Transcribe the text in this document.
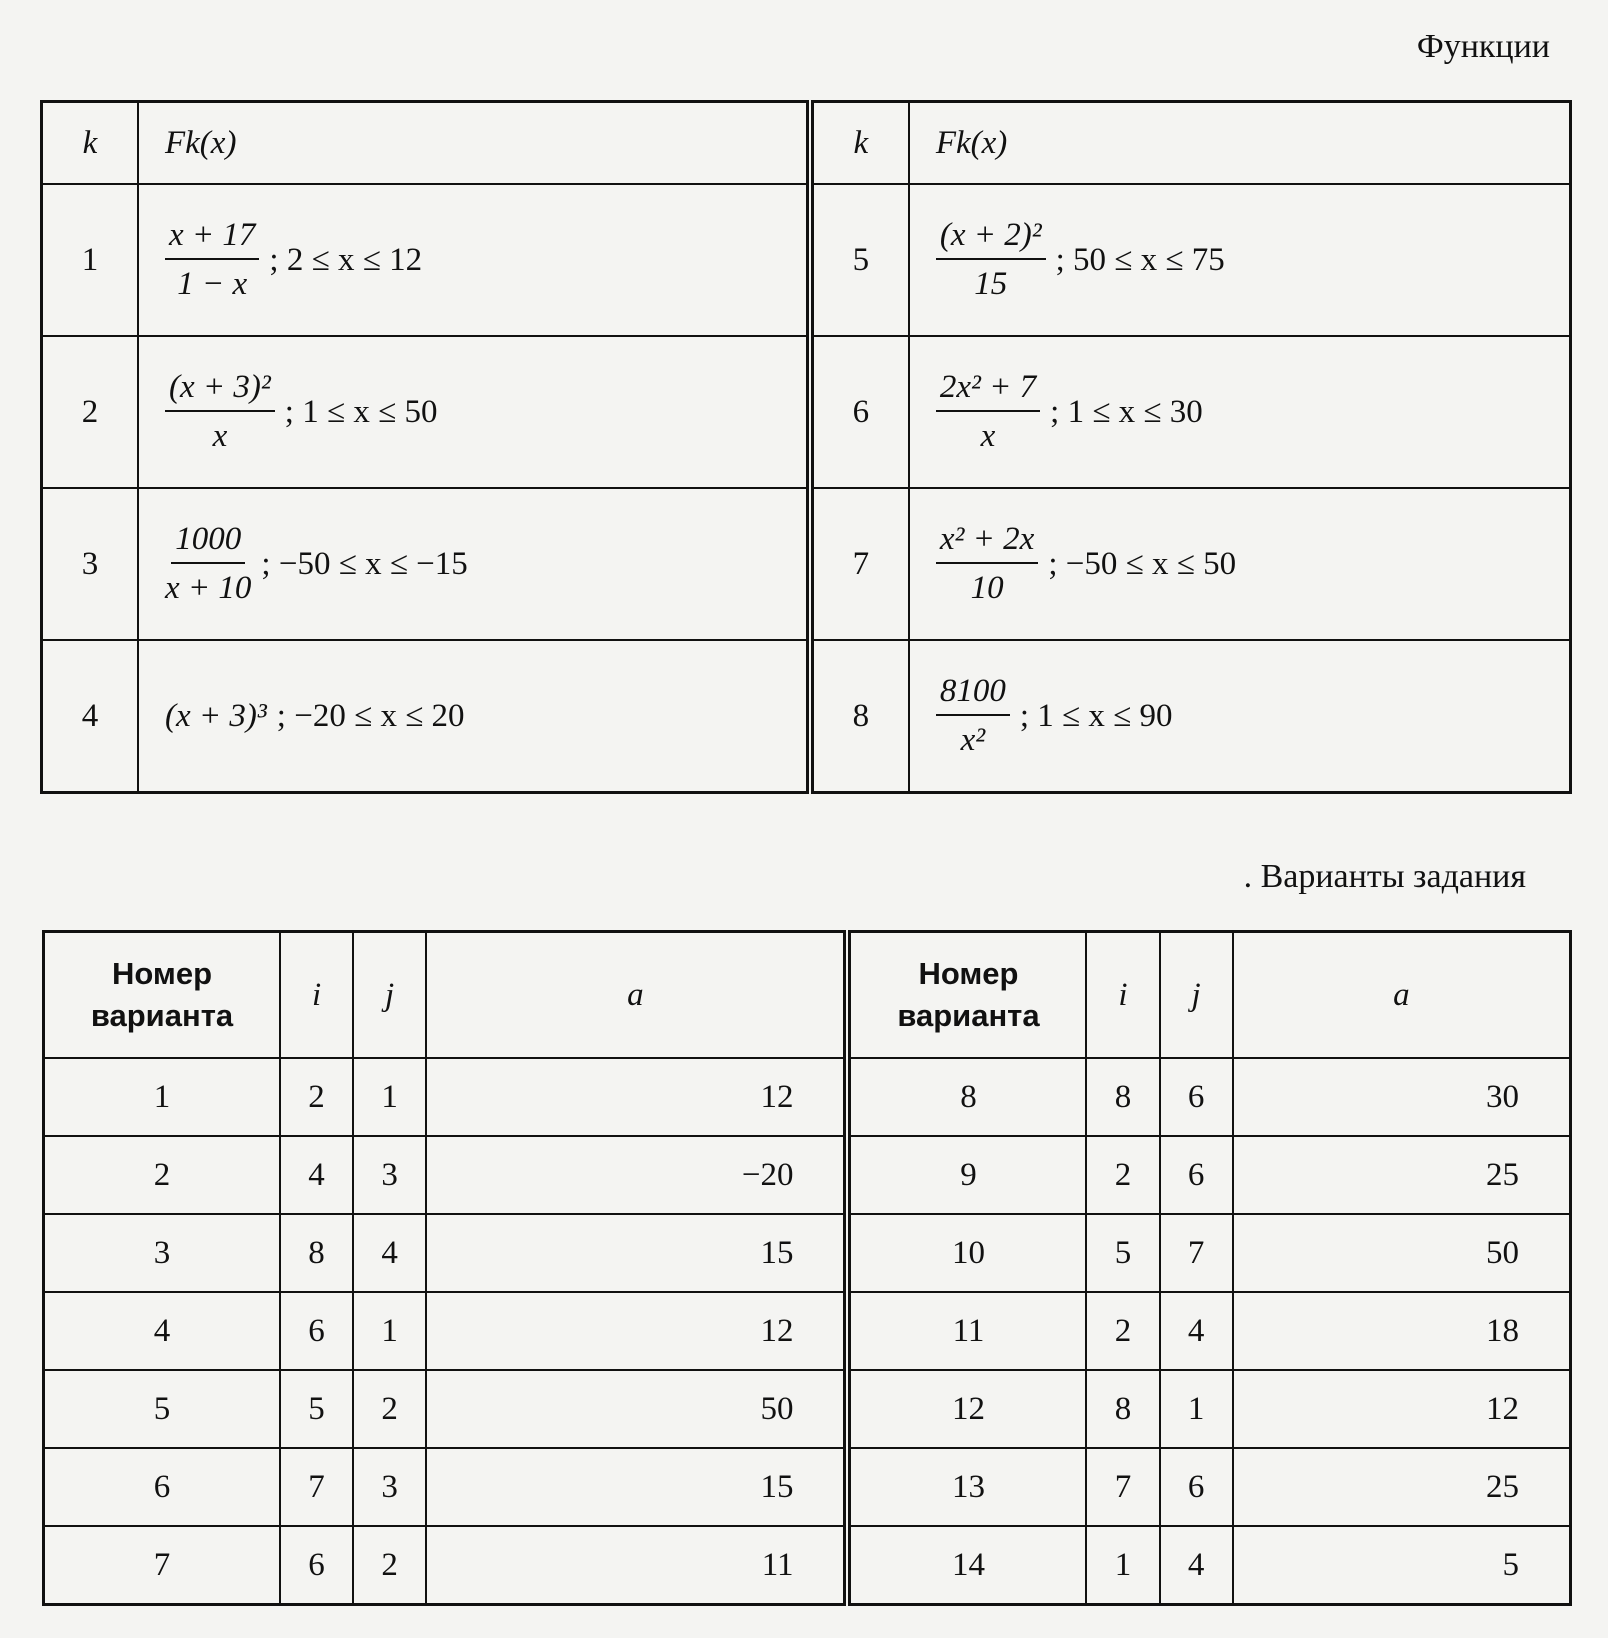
Функции
k	Fk(x)	k	Fk(x)
1	$\frac{x + 17}{1 - x}$ ; 2 ≤ x ≤ 12	5	$\frac{\text{(x + 2)²}}{15}$ ; 50 ≤ x ≤ 75

2	$\frac{\text{(x + 3)²}}{x}$ ; 1 ≤ x ≤ 50	6	$\frac{\text{2x² + 7}}{x}$ ; 1 ≤ x ≤ 30

3	$\frac{1000}{x + 10}$ ; −50 ≤ x ≤ −15	7	$\frac{\text{x² + 2x}}{10}$ ; −50 ≤ x ≤ 50

4	(x + 3)³ ; −20 ≤ x ≤ 20	8	$\frac{8100}{\text{x²}}$ ; 1 ≤ x ≤ 90
. Варианты задания
Номер
варианта	i	j	a	Номер
варианта	i	j	a
1	2	1	12	8	8	6	30
2	4	3	−20	9	2	6	25
3	8	4	15	10	5	7	50
4	6	1	12	11	2	4	18
5	5	2	50	12	8	1	12
6	7	3	15	13	7	6	25
7	6	2	11	14	1	4	5
